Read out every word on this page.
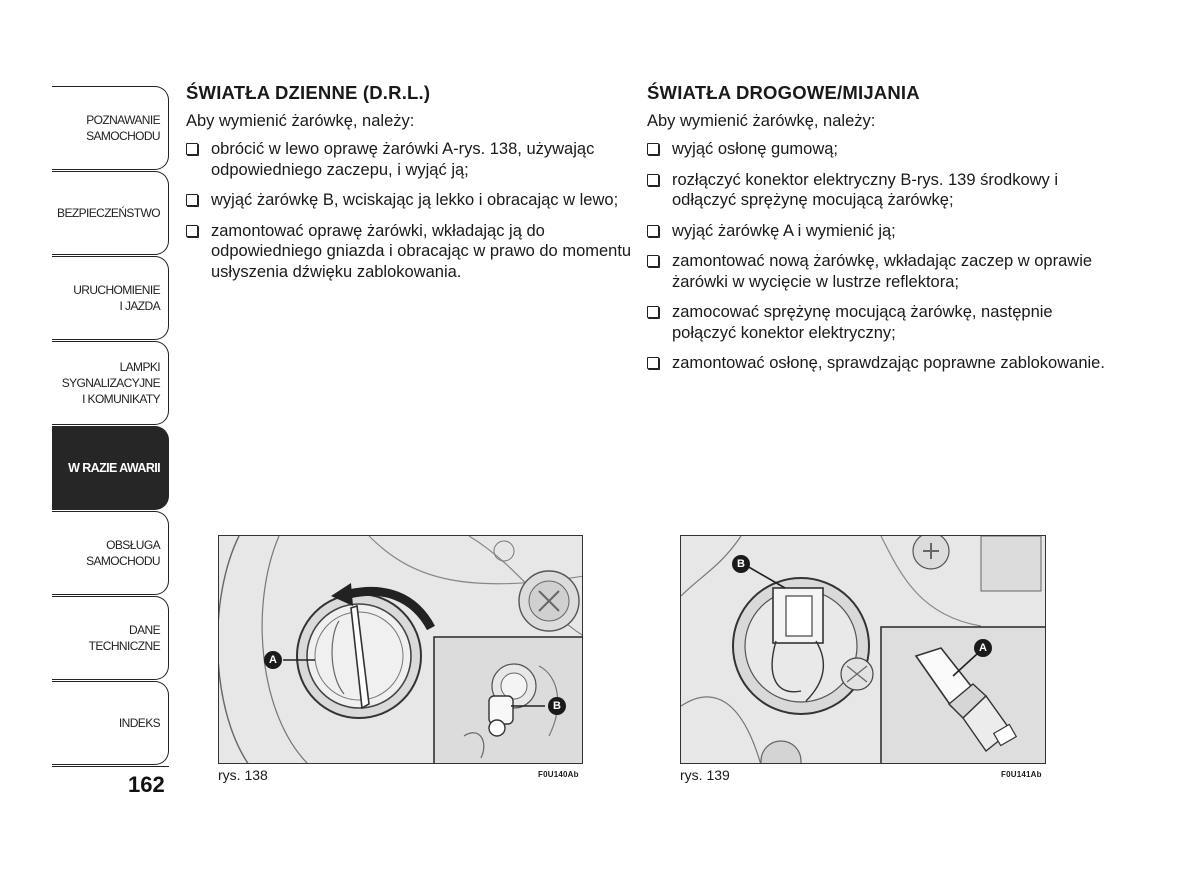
POZNAWANIE
SAMOCHODU
BEZPIECZEŃSTWO
URUCHOMIENIE
I JAZDA
LAMPKI
SYGNALIZACYJNE
I KOMUNIKATY
W RAZIE AWARII
OBSŁUGA
SAMOCHODU
DANE
TECHNICZNE
INDEKS
162
ŚWIATŁA DZIENNE (D.R.L.)
Aby wymienić żarówkę, należy:
obrócić w lewo oprawę żarówki A-rys. 138, używając odpowiedniego zaczepu, i wyjąć ją;
wyjąć żarówkę B, wciskając ją lekko i obracając w lewo;
zamontować oprawę żarówki, wkładając ją do odpowiedniego gniazda i obracając w prawo do momentu usłyszenia dźwięku zablokowania.
ŚWIATŁA DROGOWE/MIJANIA
Aby wymienić żarówkę, należy:
wyjąć osłonę gumową;
rozłączyć konektor elektryczny B-rys. 139 środkowy i odłączyć sprężynę mocującą żarówkę;
wyjąć żarówkę A i wymienić ją;
zamontować nową żarówkę, wkładając zaczep w oprawie żarówki w wycięcie w lustrze reflektora;
zamocować sprężynę mocującą żarówkę, następnie połączyć konektor elektryczny;
zamontować osłonę, sprawdzając poprawne zablokowanie.
A
B
rys. 138	F0U140Ab
B
A
rys. 139	F0U141Ab
